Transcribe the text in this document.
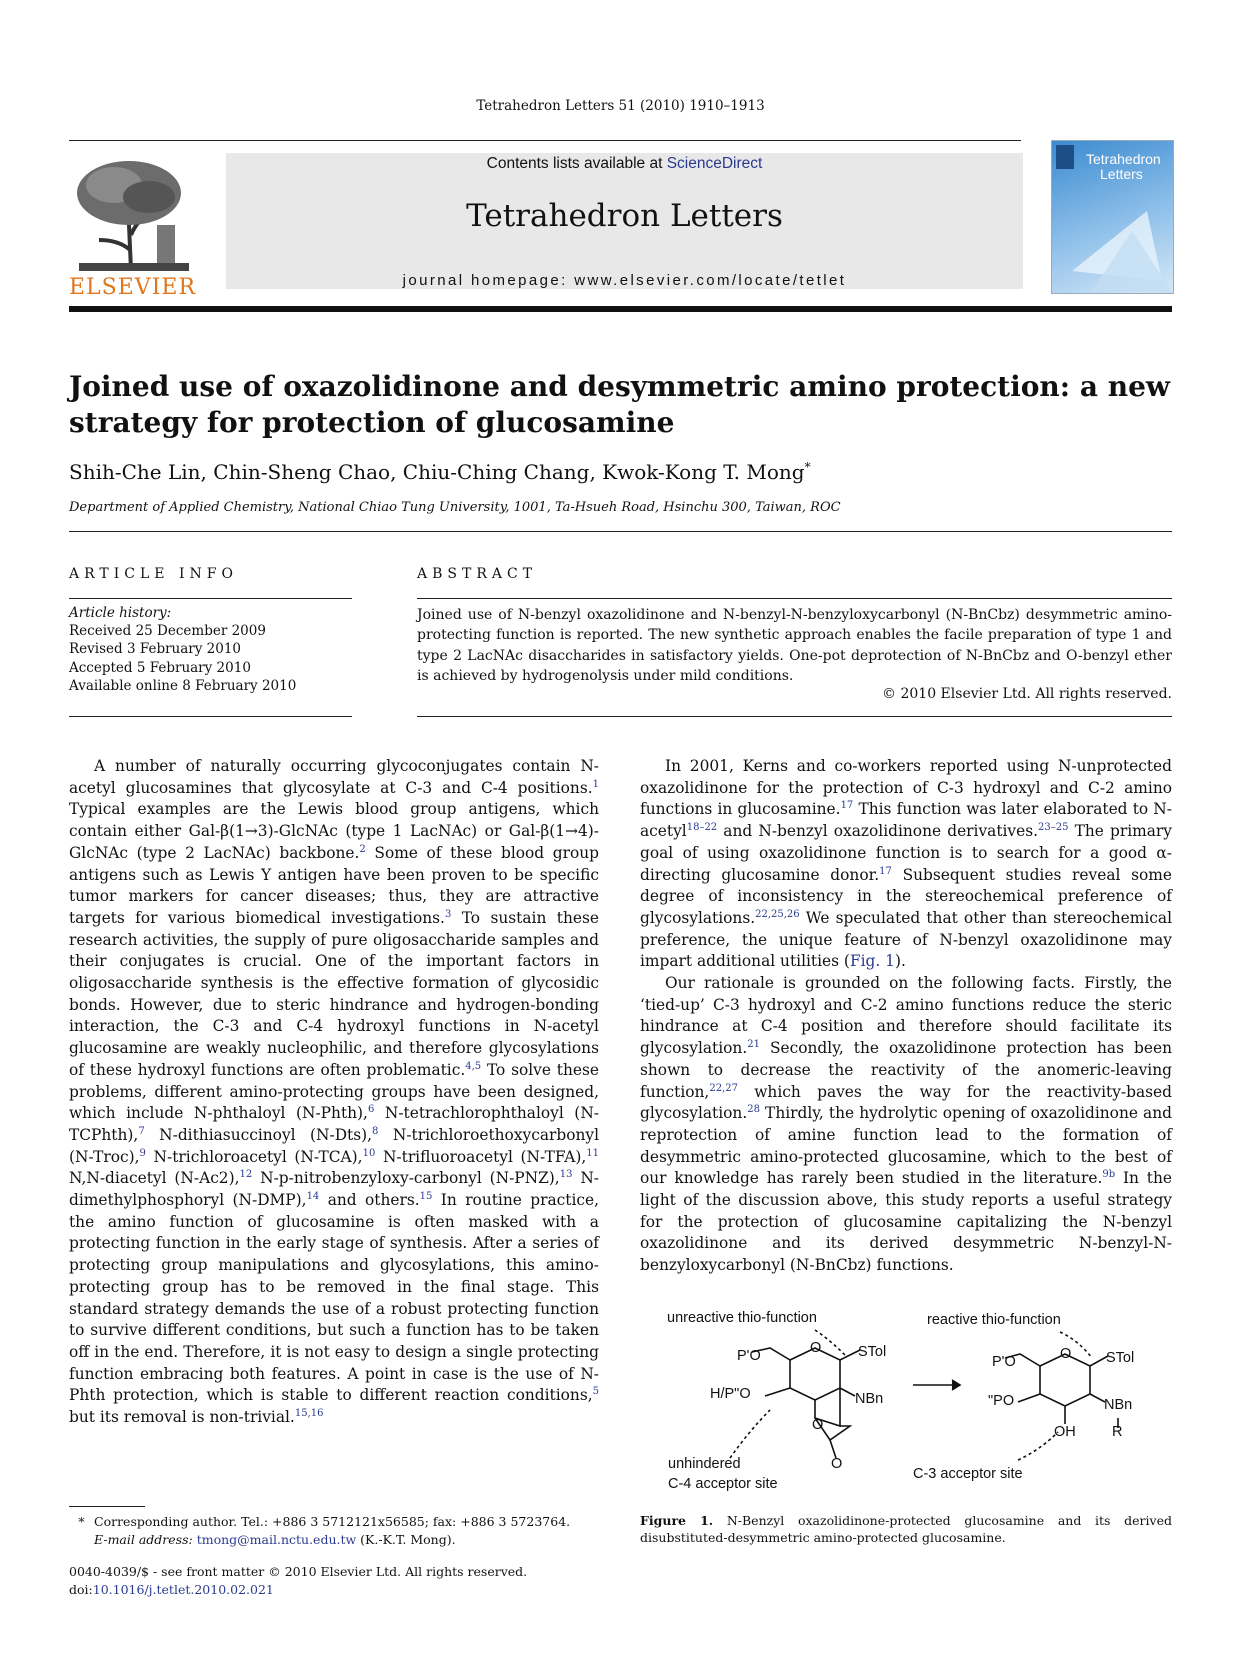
Tetrahedron Letters 51 (2010) 1910–1913
ELSEVIER
Contents lists available at ScienceDirect
Tetrahedron Letters
journal homepage: www.elsevier.com/locate/tetlet
Tetrahedron
Letters
Joined use of oxazolidinone and desymmetric amino protection: a new
strategy for protection of glucosamine
Shih-Che Lin, Chin-Sheng Chao, Chiu-Ching Chang, Kwok-Kong T. Mong*
Department of Applied Chemistry, National Chiao Tung University, 1001, Ta-Hsueh Road, Hsinchu 300, Taiwan, ROC
ARTICLE INFO
Article history:
Received 25 December 2009
Revised 3 February 2010
Accepted 5 February 2010
Available online 8 February 2010
ABSTRACT
Joined use of N-benzyl oxazolidinone and N-benzyl-N-benzyloxycarbonyl (N-BnCbz) desymmetric amino-protecting function is reported. The new synthetic approach enables the facile preparation of type 1 and type 2 LacNAc disaccharides in satisfactory yields. One-pot deprotection of N-BnCbz and O-benzyl ether is achieved by hydrogenolysis under mild conditions.
© 2010 Elsevier Ltd. All rights reserved.

A number of naturally occurring glycoconjugates contain N-acetyl glucosamines that glycosylate at C-3 and C-4 positions.$^1$ Typical examples are the Lewis blood group antigens, which contain either Gal-β(1→3)-GlcNAc (type 1 LacNAc) or Gal-β(1→4)-GlcNAc (type 2 LacNAc) backbone.$^2$ Some of these blood group antigens such as Lewis Y antigen have been proven to be specific tumor markers for cancer diseases; thus, they are attractive targets for various biomedical investigations.$^3$ To sustain these research activities, the supply of pure oligosaccharide samples and their conjugates is crucial. One of the important factors in oligosaccharide synthesis is the effective formation of glycosidic bonds. However, due to steric hindrance and hydrogen-bonding interaction, the C-3 and C-4 hydroxyl functions in N-acetyl glucosamine are weakly nucleophilic, and therefore glycosylations of these hydroxyl functions are often problematic.$^{4,5}$ To solve these problems, different amino-protecting groups have been designed, which include N-phthaloyl (N-Phth),$^6$ N-tetrachlorophthaloyl (N-TCPhth),$^7$ N-dithiasuccinoyl (N-Dts),$^8$ N-trichloroethoxycarbonyl (N-Troc),$^9$ N-trichloroacetyl (N-TCA),$^{10}$ N-trifluoroacetyl (N-TFA),$^{11}$ N,N-diacetyl (N-Ac2),$^{12}$ N-p-nitrobenzyloxy-carbonyl (N-PNZ),$^{13}$ N-dimethylphosphoryl (N-DMP),$^{14}$ and others.$^{15}$ In routine practice, the amino function of glucosamine is often masked with a protecting function in the early stage of synthesis. After a series of protecting group manipulations and glycosylations, this amino-protecting group has to be removed in the final stage. This standard strategy demands the use of a robust protecting function to survive different conditions, but such a function has to be taken off in the end. Therefore, it is not easy to design a single protecting function embracing both features. A point in case is the use of N-Phth protection, which is stable to different reaction conditions,$^5$ but its removal is non-trivial.$^{15,16}$

In 2001, Kerns and co-workers reported using N-unprotected oxazolidinone for the protection of C-3 hydroxyl and C-2 amino functions in glucosamine.$^{17}$ This function was later elaborated to N-acetyl$^{18-22}$ and N-benzyl oxazolidinone derivatives.$^{23-25}$ The primary goal of using oxazolidinone function is to search for a good α-directing glucosamine donor.$^{17}$ Subsequent studies reveal some degree of inconsistency in the stereochemical preference of glycosylations.$^{22,25,26}$ We speculated that other than stereochemical preference, the unique feature of N-benzyl oxazolidinone may impart additional utilities (Fig. 1).

Our rationale is grounded on the following facts. Firstly, the ‘tied-up’ C-3 hydroxyl and C-2 amino functions reduce the steric hindrance at C-4 position and therefore should facilitate its glycosylation.$^{21}$ Secondly, the oxazolidinone protection has been shown to decrease the reactivity of the anomeric-leaving function,$^{22,27}$ which paves the way for the reactivity-based glycosylation.$^{28}$ Thirdly, the hydrolytic opening of oxazolidinone and reprotection of amine function lead to the formation of desymmetric amino-protected glucosamine, which to the best of our knowledge has rarely been studied in the literature.$^{9b}$ In the light of the discussion above, this study reports a useful strategy for the protection of glucosamine capitalizing the N-benzyl oxazolidinone and its derived desymmetric N-benzyl-N-benzyloxycarbonyl (N-BnCbz) functions.

unreactive thio-function	reactive thio-function
O	STol
P'O
H/P"O	NBn
O
O
O STol
P'O
"PO	NBn
R
OH
unhindered
C-4 acceptor site
C-3 acceptor site
Figure 1. N-Benzyl oxazolidinone-protected glucosamine and its derived disubstituted-desymmetric amino-protected glucosamine.
* Corresponding author. Tel.: +886 3 5712121x56585; fax: +886 3 5723764.
E-mail address: tmong@mail.nctu.edu.tw (K.-K.T. Mong).
0040-4039/$ - see front matter © 2010 Elsevier Ltd. All rights reserved.
doi:10.1016/j.tetlet.2010.02.021
